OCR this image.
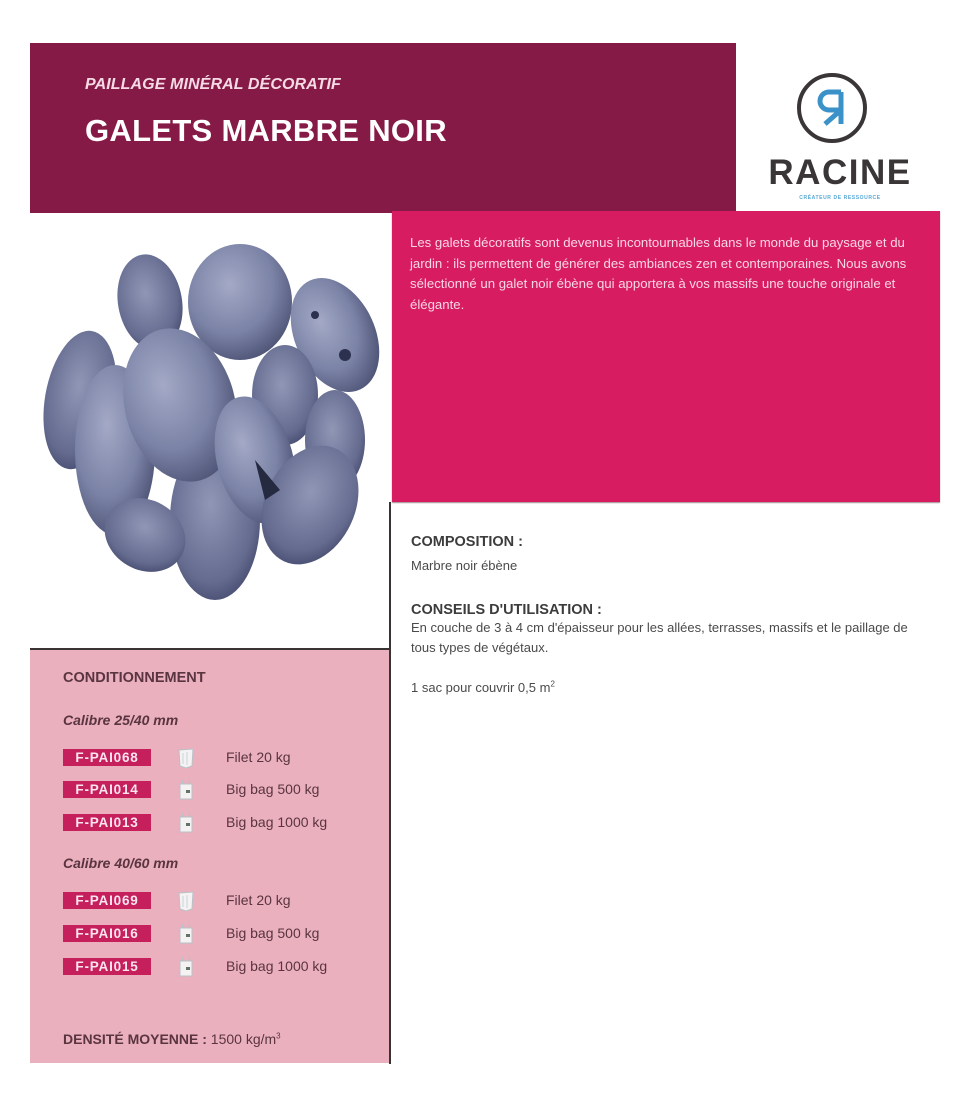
PAILLAGE MINÉRAL DÉCORATIF
GALETS MARBRE NOIR
RACINE
CRÉATEUR DE RESSOURCE
Les galets décoratifs sont devenus incontournables dans le monde du paysage et du jardin : ils permettent de générer des ambiances zen et contemporaines. Nous avons sélectionné un galet noir ébène qui apportera à vos massifs une touche originale et élégante.
COMPOSITION :

Marbre noir ébène

CONSEILS D'UTILISATION :

En couche de 3 à 4 cm d'épaisseur pour les allées, terrasses, massifs et le paillage de tous types de végétaux.

1 sac pour couvrir 0,5 $m^2$

CONDITIONNEMENT
Calibre 25/40 mm
F-PAI068	Filet 20 kg
F-PAI014	Big bag 500 kg
F-PAI013	Big bag 1000 kg
Calibre 40/60 mm
F-PAI069	Filet 20 kg
F-PAI016	Big bag 500 kg
F-PAI015	Big bag 1000 kg
DENSITÉ MOYENNE : 1500 $kg/m^3$
